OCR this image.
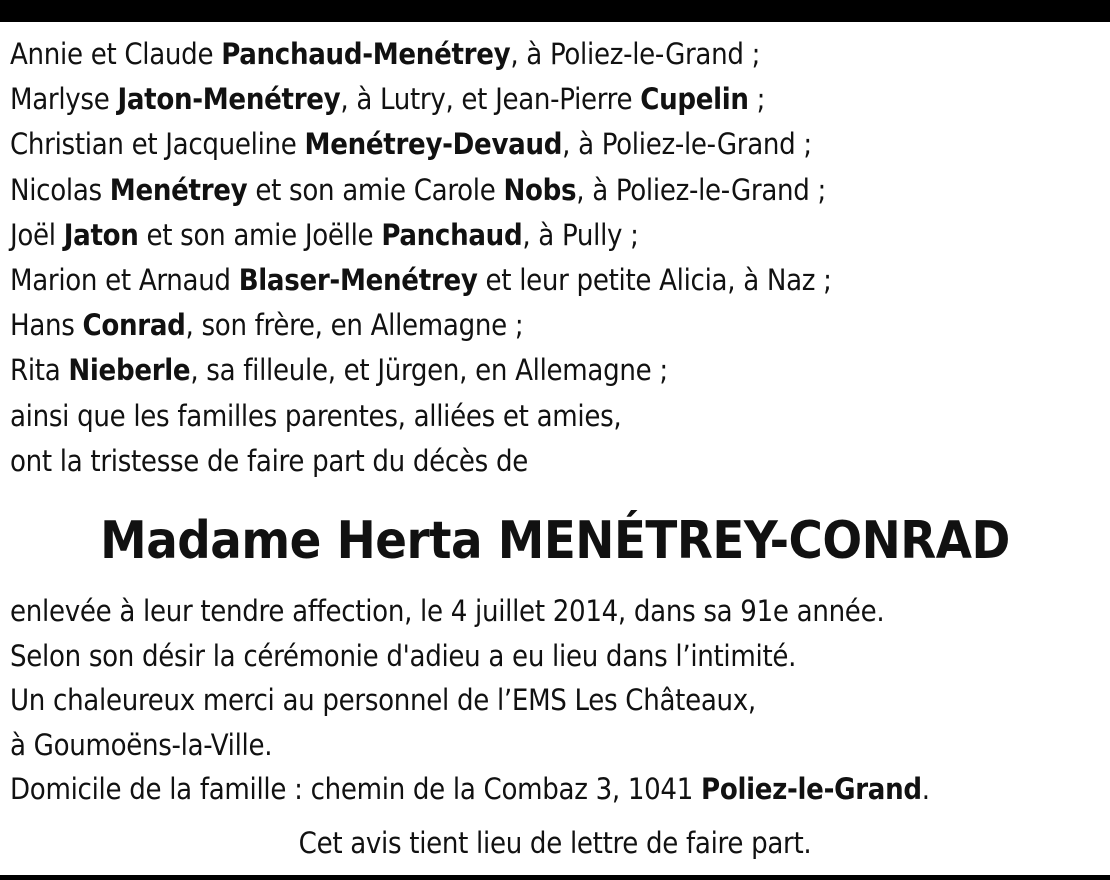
Annie et Claude Panchaud-Menétrey, à Poliez-le-Grand ;
Marlyse Jaton-Menétrey, à Lutry, et Jean-Pierre Cupelin ;
Christian et Jacqueline Menétrey-Devaud, à Poliez-le-Grand ;
Nicolas Menétrey et son amie Carole Nobs, à Poliez-le-Grand ;
Joël Jaton et son amie Joëlle Panchaud, à Pully ;
Marion et Arnaud Blaser-Menétrey et leur petite Alicia, à Naz ;
Hans Conrad, son frère, en Allemagne ;
Rita Nieberle, sa filleule, et Jürgen, en Allemagne ;
ainsi que les familles parentes, alliées et amies,
ont la tristesse de faire part du décès de
Madame Herta MENÉTREY-CONRAD
enlevée à leur tendre affection, le 4 juillet 2014, dans sa 91e année.
Selon son désir la cérémonie d'adieu a eu lieu dans l’intimité.
Un chaleureux merci au personnel de l’EMS Les Châteaux,
à Goumoëns-la-Ville.
Domicile de la famille : chemin de la Combaz 3, 1041 Poliez-le-Grand.
Cet avis tient lieu de lettre de faire part.
